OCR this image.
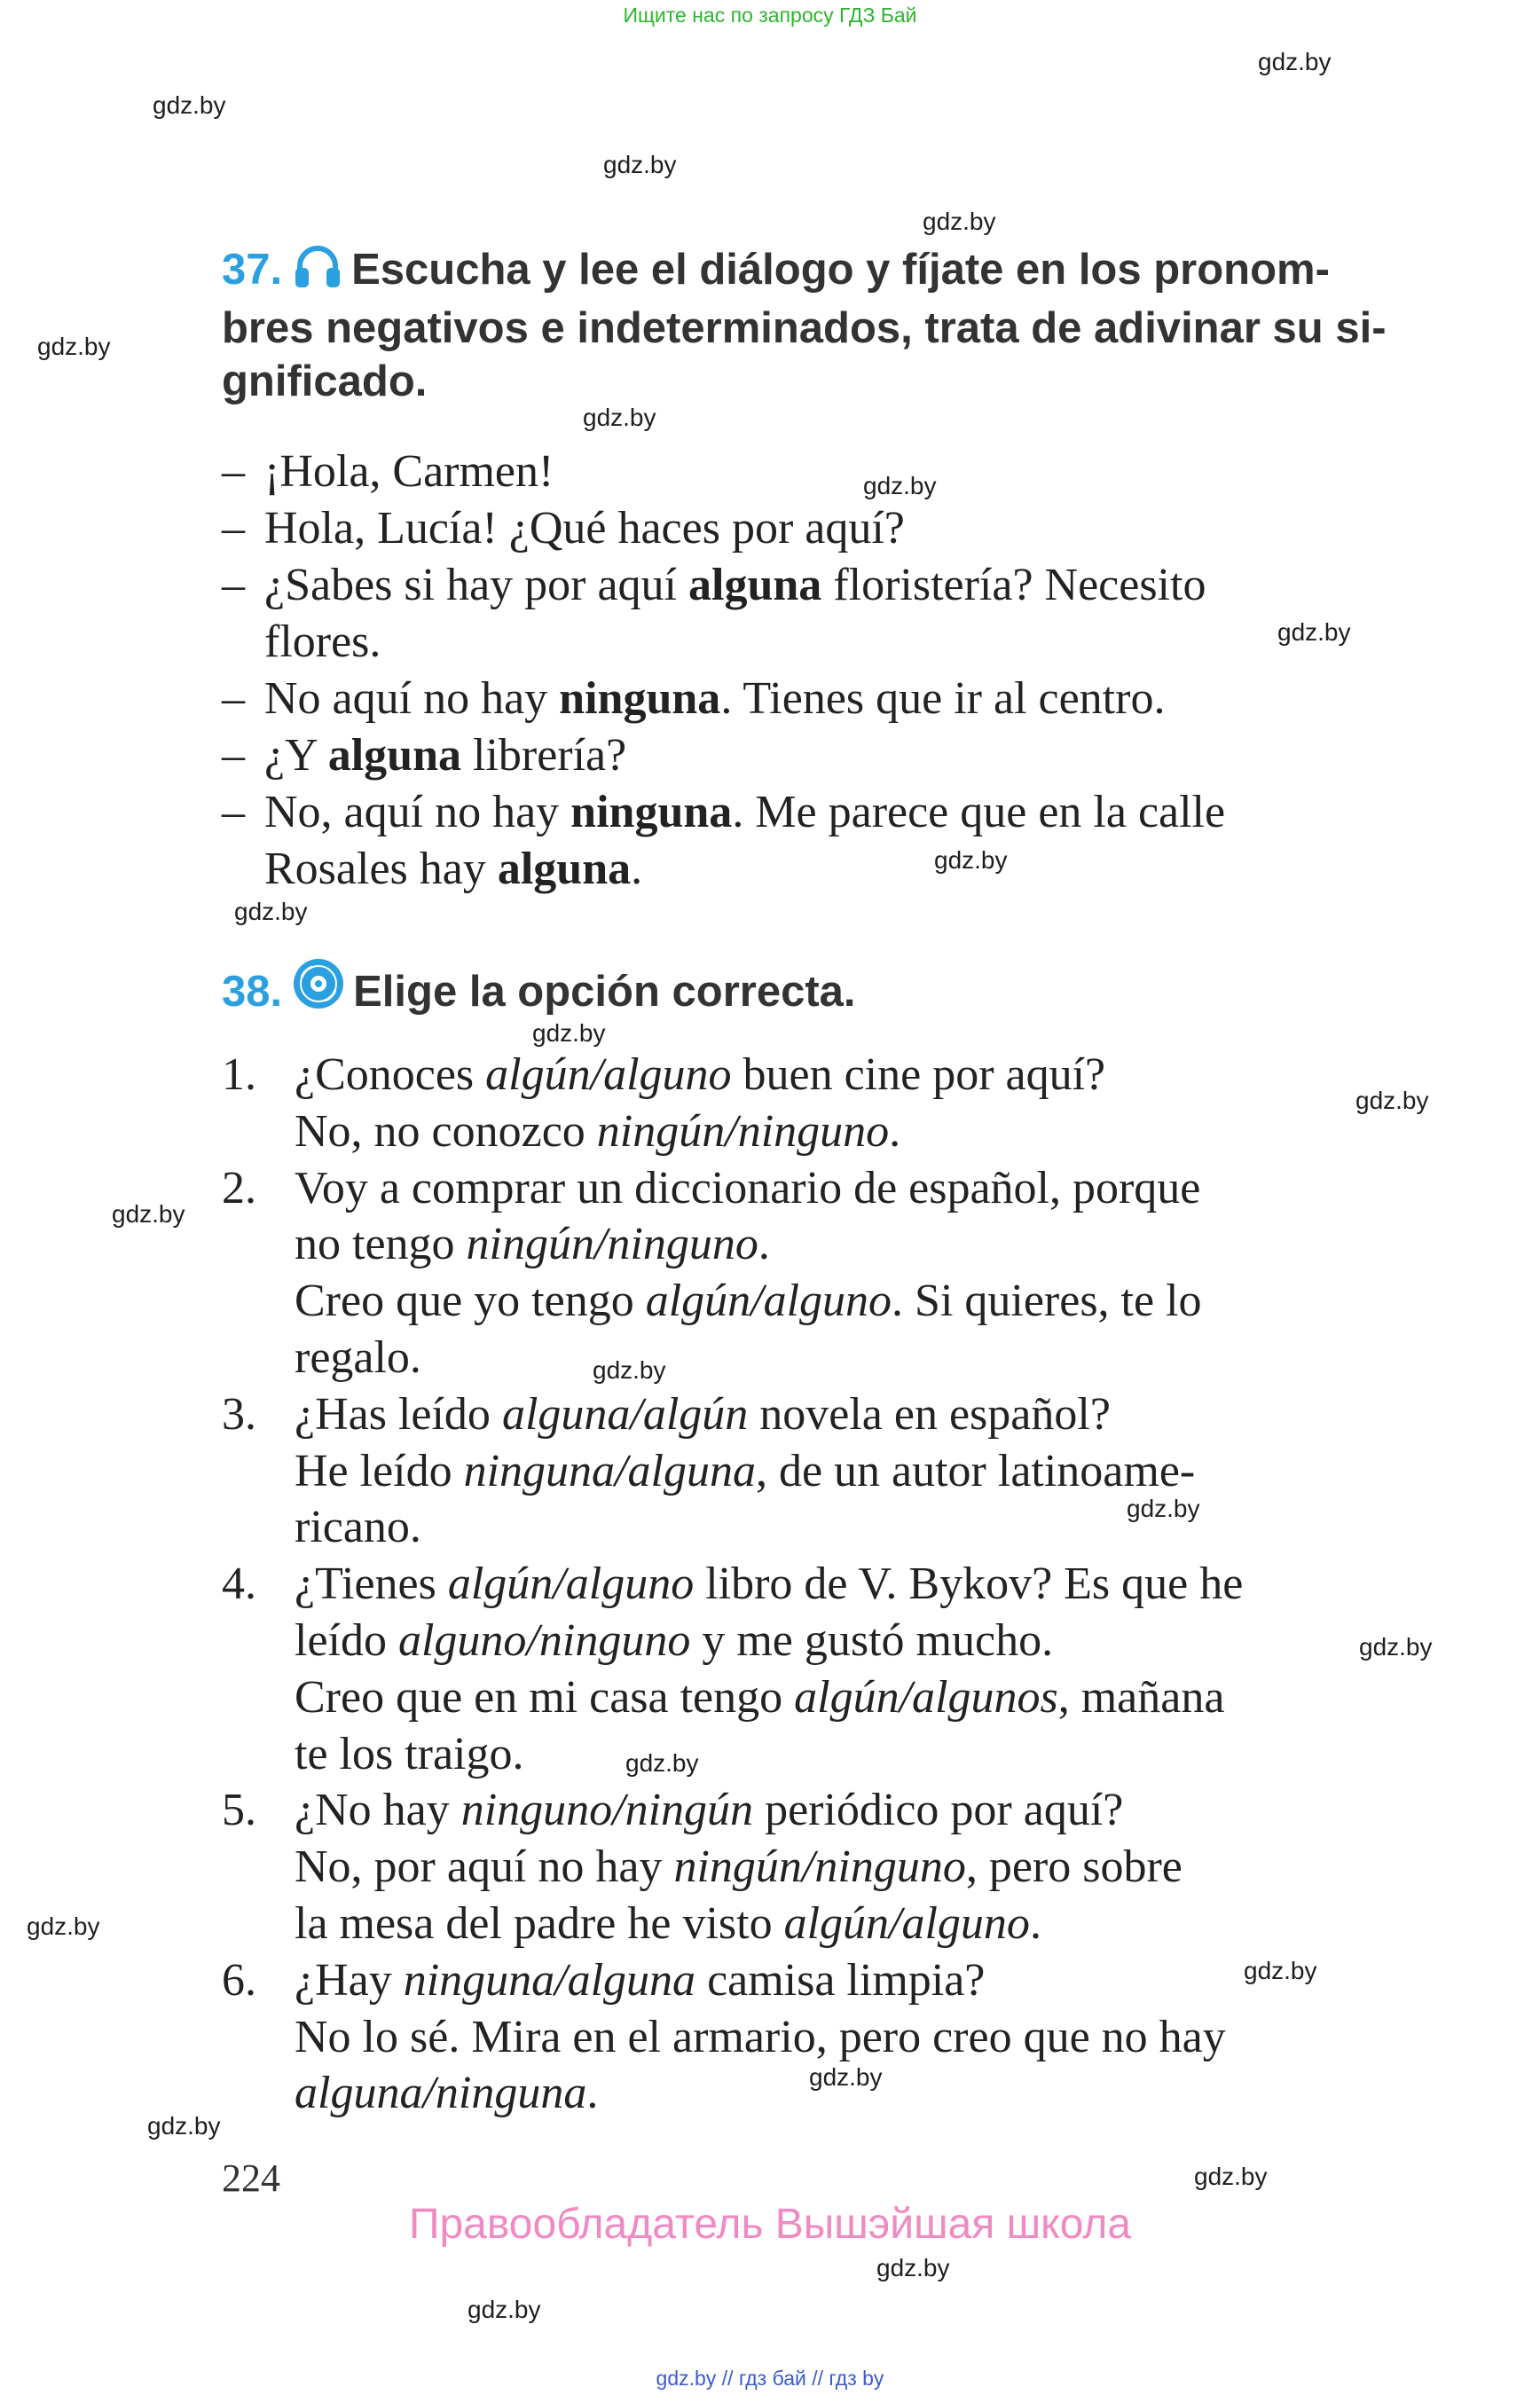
Ищите нас по запросу ГДЗ Бай
gdz.by
gdz.by
gdz.by
gdz.by
gdz.by
gdz.by
gdz.by
gdz.by
gdz.by
gdz.by
gdz.by
gdz.by
gdz.by
gdz.by
gdz.by
gdz.by
gdz.by
gdz.by
gdz.by
gdz.by
gdz.by
gdz.by
gdz.by
gdz.by
37. Escucha y lee el diálogo y fíjate en los pronom-
bres negativos e indeterminados, trata de adivinar su si-
gnificado.
– ¡Hola, Carmen!
– Hola, Lucía! ¿Qué haces por aquí?
– ¿Sabes si hay por aquí alguna floristería? Necesito
flores.
– No aquí no hay ninguna. Tienes que ir al centro.
– ¿Y alguna librería?
– No, aquí no hay ninguna. Me parece que en la calle
Rosales hay alguna.
38. Elige la opción correcta.
1. ¿Conoces algún/alguno buen cine por aquí?
No, no conozco ningún/ninguno.
2. Voy a comprar un diccionario de español, porque
no tengo ningún/ninguno.
Creo que yo tengo algún/alguno. Si quieres, te lo
regalo.
3. ¿Has leído alguna/algún novela en español?
He leído ninguna/alguna, de un autor latinoame-
ricano.
4. ¿Tienes algún/alguno libro de V. Bykov? Es que he
leído alguno/ninguno y me gustó mucho.
Creo que en mi casa tengo algún/algunos, mañana
te los traigo.
5. ¿No hay ninguno/ningún periódico por aquí?
No, por aquí no hay ningún/ninguno, pero sobre
la mesa del padre he visto algún/alguno.
6. ¿Hay ninguna/alguna camisa limpia?
No lo sé. Mira en el armario, pero creo que no hay
alguna/ninguna.
224
Правообладатель Вышэйшая школа
gdz.by // гдз бай // гдз by
